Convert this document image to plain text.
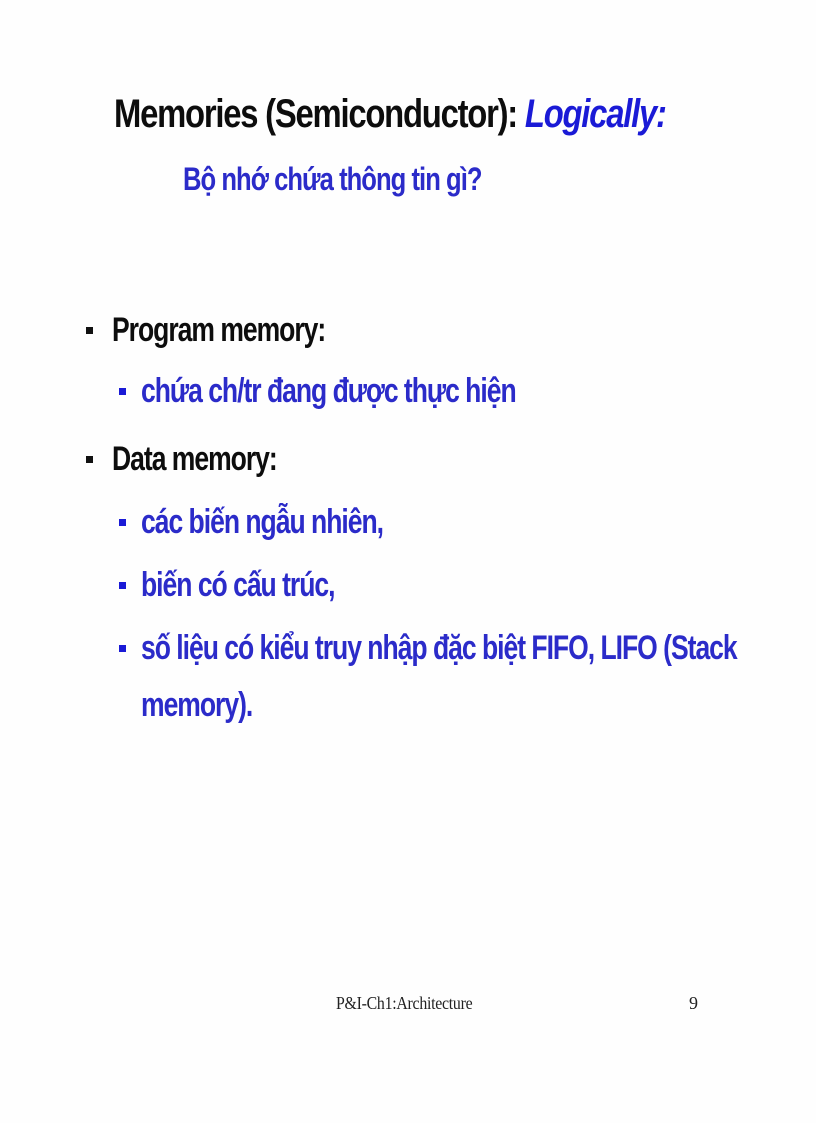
Memories (Semiconductor): Logically:
Bộ nhớ chứa thông tin gì?
Program memory:
chứa ch/tr đang được thực hiện
Data memory:
các biến ngẫu nhiên,
biến có cấu trúc,
số liệu có kiểu truy nhập đặc biệt FIFO, LIFO (Stack
memory).
P&I-Ch1:Architecture	9
